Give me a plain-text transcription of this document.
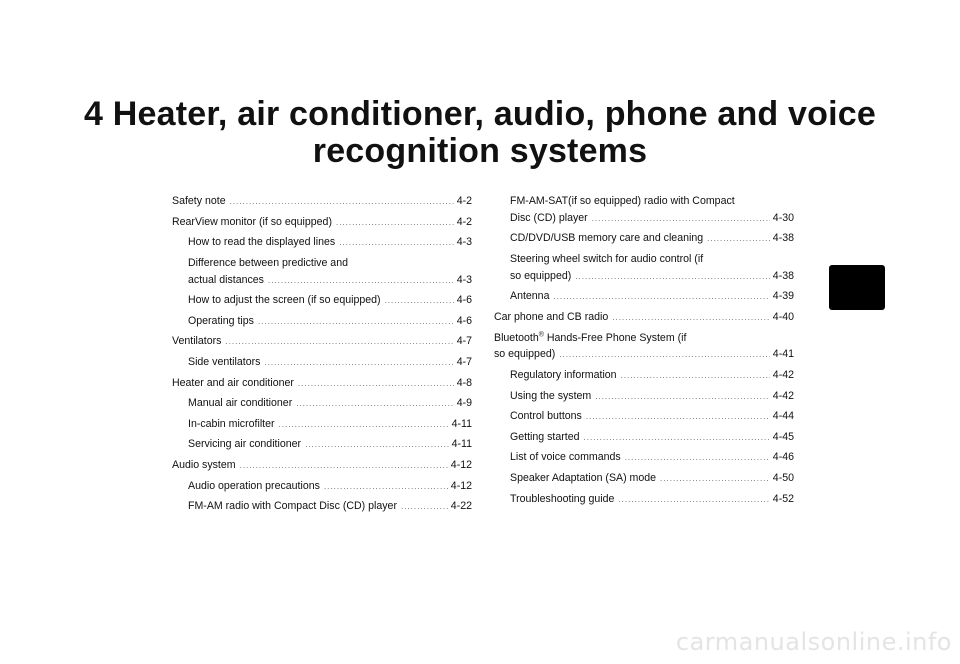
4 Heater, air conditioner, audio, phone and voice
recognition systems
Safety note .....	4-2
RearView monitor (if so equipped) .....	4-2
How to read the displayed lines .....	4-3
Difference between predictive and
actual distances .....	4-3
How to adjust the screen (if so equipped) .....	4-6
Operating tips .....	4-6
Ventilators .....	4-7
Side ventilators .....	4-7
Heater and air conditioner .....	4-8
Manual air conditioner .....	4-9
In-cabin microfilter .....	4-11
Servicing air conditioner .....	4-11
Audio system .....	4-12
Audio operation precautions .....	4-12
FM-AM radio with Compact Disc (CD) player .....	4-22
FM-AM-SAT(if so equipped) radio with Compact
Disc (CD) player .....	4-30
CD/DVD/USB memory care and cleaning .....	4-38
Steering wheel switch for audio control (if
so equipped) .....	4-38
Antenna .....	4-39
Car phone and CB radio .....	4-40
Bluetooth® Hands-Free Phone System (if
so equipped) .....	4-41
Regulatory information .....	4-42
Using the system .....	4-42
Control buttons .....	4-44
Getting started .....	4-45
List of voice commands .....	4-46
Speaker Adaptation (SA) mode .....	4-50
Troubleshooting guide .....	4-52
carmanualsonline.info
